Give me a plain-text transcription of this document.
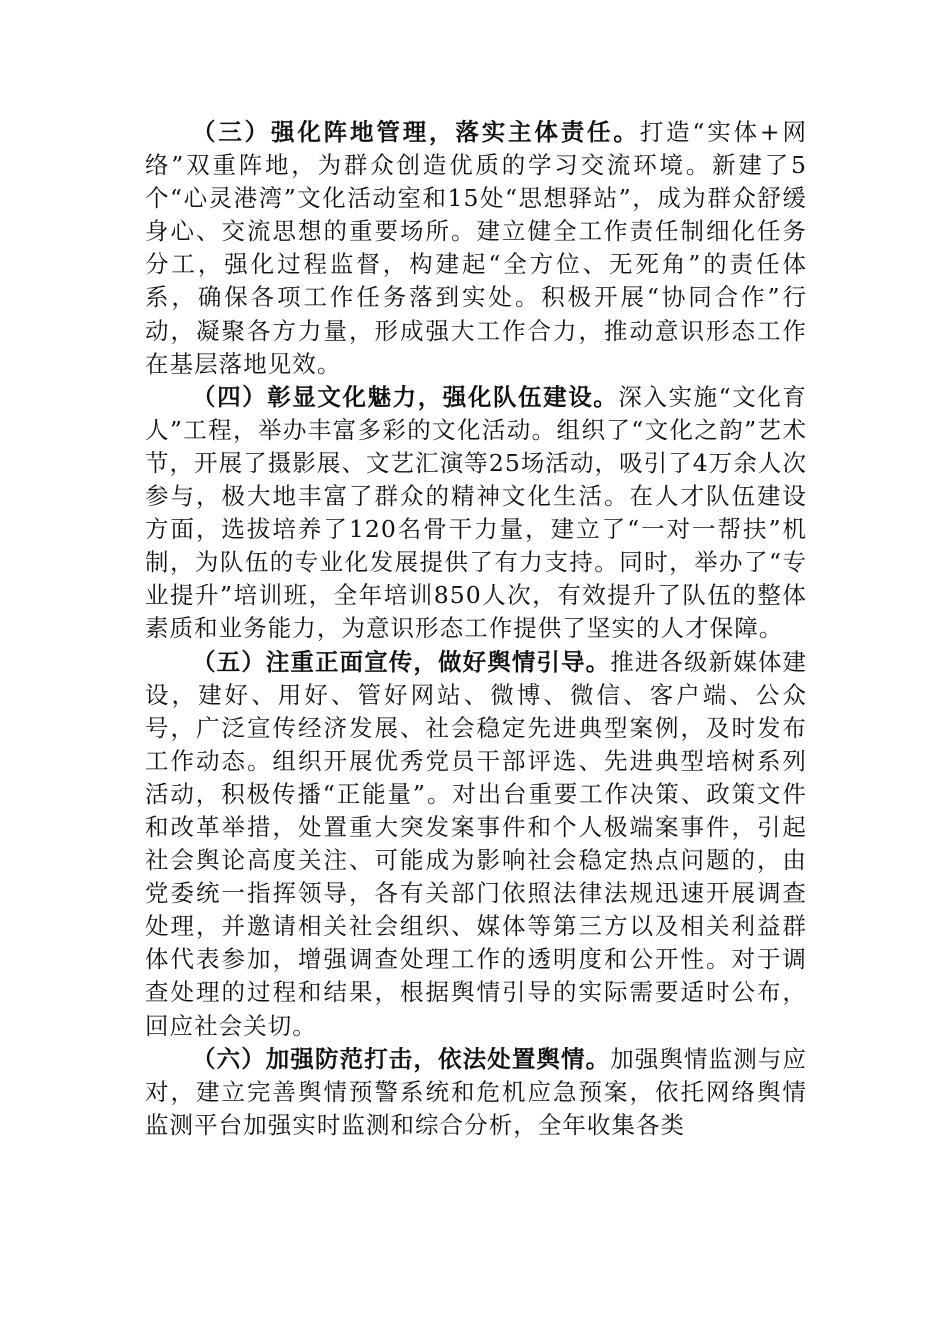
（三）强化阵地管理，落实主体责任。打造“实体+网络”双重阵地，为群众创造优质的学习交流环境。新建了5个“心灵港湾”文化活动室和15处“思想驿站”，成为群众舒缓身心、交流思想的重要场所。建立健全工作责任制细化任务分工，强化过程监督，构建起“全方位、无死角”的责任体系，确保各项工作任务落到实处。积极开展“协同合作”行动，凝聚各方力量，形成强大工作合力，推动意识形态工作在基层落地见效。

（四）彰显文化魅力，强化队伍建设。深入实施“文化育人”工程，举办丰富多彩的文化活动。组织了“文化之韵”艺术节，开展了摄影展、文艺汇演等25场活动，吸引了4万余人次参与，极大地丰富了群众的精神文化生活。在人才队伍建设方面，选拔培养了120名骨干力量，建立了“一对一帮扶”机制，为队伍的专业化发展提供了有力支持。同时，举办了“专业提升”培训班，全年培训850人次，有效提升了队伍的整体素质和业务能力，为意识形态工作提供了坚实的人才保障。

（五）注重正面宣传，做好舆情引导。推进各级新媒体建设，建好、用好、管好网站、微博、微信、客户端、公众号，广泛宣传经济发展、社会稳定先进典型案例，及时发布工作动态。组织开展优秀党员干部评选、先进典型培树系列活动，积极传播“正能量”。对出台重要工作决策、政策文件和改革举措，处置重大突发案事件和个人极端案事件，引起社会舆论高度关注、可能成为影响社会稳定热点问题的，由党委统一指挥领导，各有关部门依照法律法规迅速开展调查处理，并邀请相关社会组织、媒体等第三方以及相关利益群体代表参加，增强调查处理工作的透明度和公开性。对于调查处理的过程和结果，根据舆情引导的实际需要适时公布，回应社会关切。

（六）加强防范打击，依法处置舆情。加强舆情监测与应对，建立完善舆情预警系统和危机应急预案，依托网络舆情监测平台加强实时监测和综合分析，全年收集各类
